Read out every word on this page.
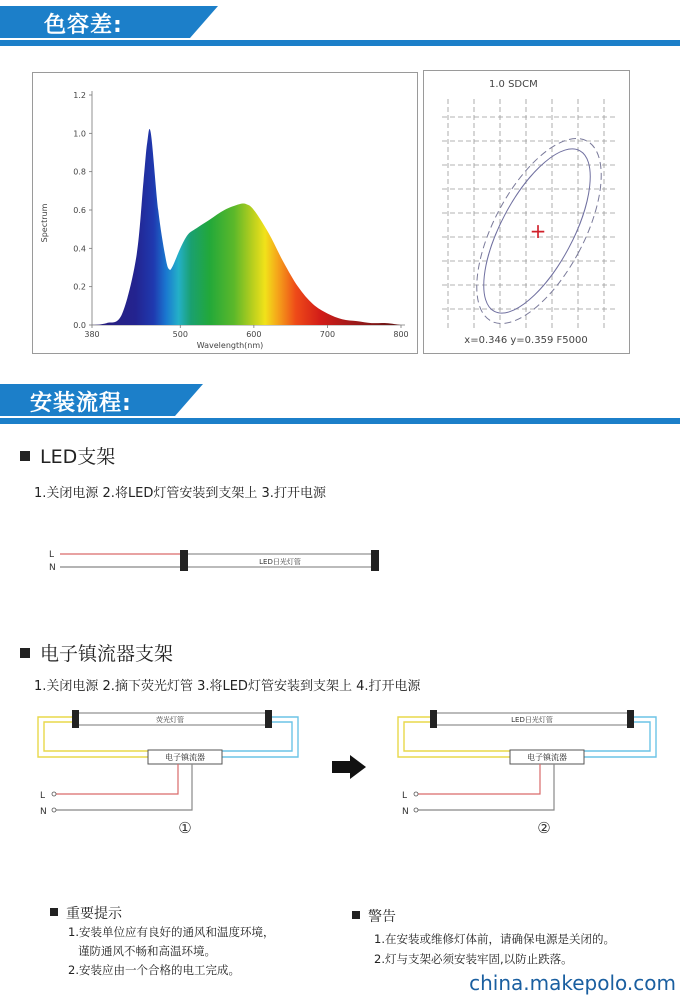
色容差:
1.2
1.0
0.8
0.6
0.4
0.2
0.0
380	500	600	700	800
Spectrum
Wavelength(nm)
1.0 SDCM
+
x=0.346 y=0.359 F5000
安装流程:
LED支架
1.关闭电源 2.将LED灯管安装到支架上 3.打开电源
L
N
LED日光灯管
电子镇流器支架
1.关闭电源 2.摘下荧光灯管 3.将LED灯管安装到支架上 4.打开电源
荧光灯管
电子镇流器
L
N
①
LED日光灯管
电子镇流器
L
N
②
重要提示
1.安装单位应有良好的通风和温度环境，
谨防通风不畅和高温环境。
2.安装应由一个合格的电工完成。
警告
1.在安装或维修灯体前，请确保电源是关闭的。
2.灯与支架必须安装牢固,以防止跌落。
china.makepolo.com
